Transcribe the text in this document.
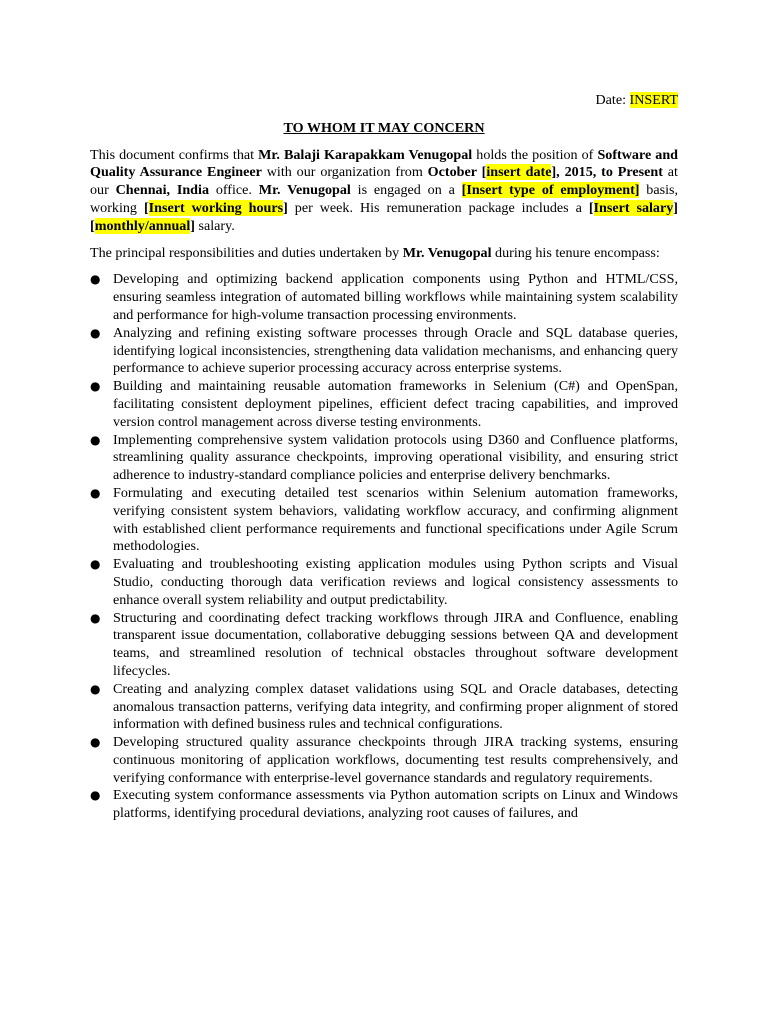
Date: INSERT

TO WHOM IT MAY CONCERN

This document confirms that Mr. Balaji Karapakkam Venugopal holds the position of Software and Quality Assurance Engineer with our organization from October [insert date], 2015, to Present at our Chennai, India office. Mr. Venugopal is engaged on a [Insert type of employment] basis, working [Insert working hours] per week. His remuneration package includes a [Insert salary] [monthly/annual] salary.

The principal responsibilities and duties undertaken by Mr. Venugopal during his tenure encompass:

● Developing and optimizing backend application components using Python and HTML/CSS, ensuring seamless integration of automated billing workflows while maintaining system scalability and performance for high-volume transaction processing environments.
● Analyzing and refining existing software processes through Oracle and SQL database queries, identifying logical inconsistencies, strengthening data validation mechanisms, and enhancing query performance to achieve superior processing accuracy across enterprise systems.
● Building and maintaining reusable automation frameworks in Selenium (C#) and OpenSpan, facilitating consistent deployment pipelines, efficient defect tracing capabilities, and improved version control management across diverse testing environments.
● Implementing comprehensive system validation protocols using D360 and Confluence platforms, streamlining quality assurance checkpoints, improving operational visibility, and ensuring strict adherence to industry-standard compliance policies and enterprise delivery benchmarks.
● Formulating and executing detailed test scenarios within Selenium automation frameworks, verifying consistent system behaviors, validating workflow accuracy, and confirming alignment with established client performance requirements and functional specifications under Agile Scrum methodologies.
● Evaluating and troubleshooting existing application modules using Python scripts and Visual Studio, conducting thorough data verification reviews and logical consistency assessments to enhance overall system reliability and output predictability.
● Structuring and coordinating defect tracking workflows through JIRA and Confluence, enabling transparent issue documentation, collaborative debugging sessions between QA and development teams, and streamlined resolution of technical obstacles throughout software development lifecycles.
● Creating and analyzing complex dataset validations using SQL and Oracle databases, detecting anomalous transaction patterns, verifying data integrity, and confirming proper alignment of stored information with defined business rules and technical configurations.
● Developing structured quality assurance checkpoints through JIRA tracking systems, ensuring continuous monitoring of application workflows, documenting test results comprehensively, and verifying conformance with enterprise-level governance standards and regulatory requirements.
● Executing system conformance assessments via Python automation scripts on Linux and Windows platforms, identifying procedural deviations, analyzing root causes of failures, and
